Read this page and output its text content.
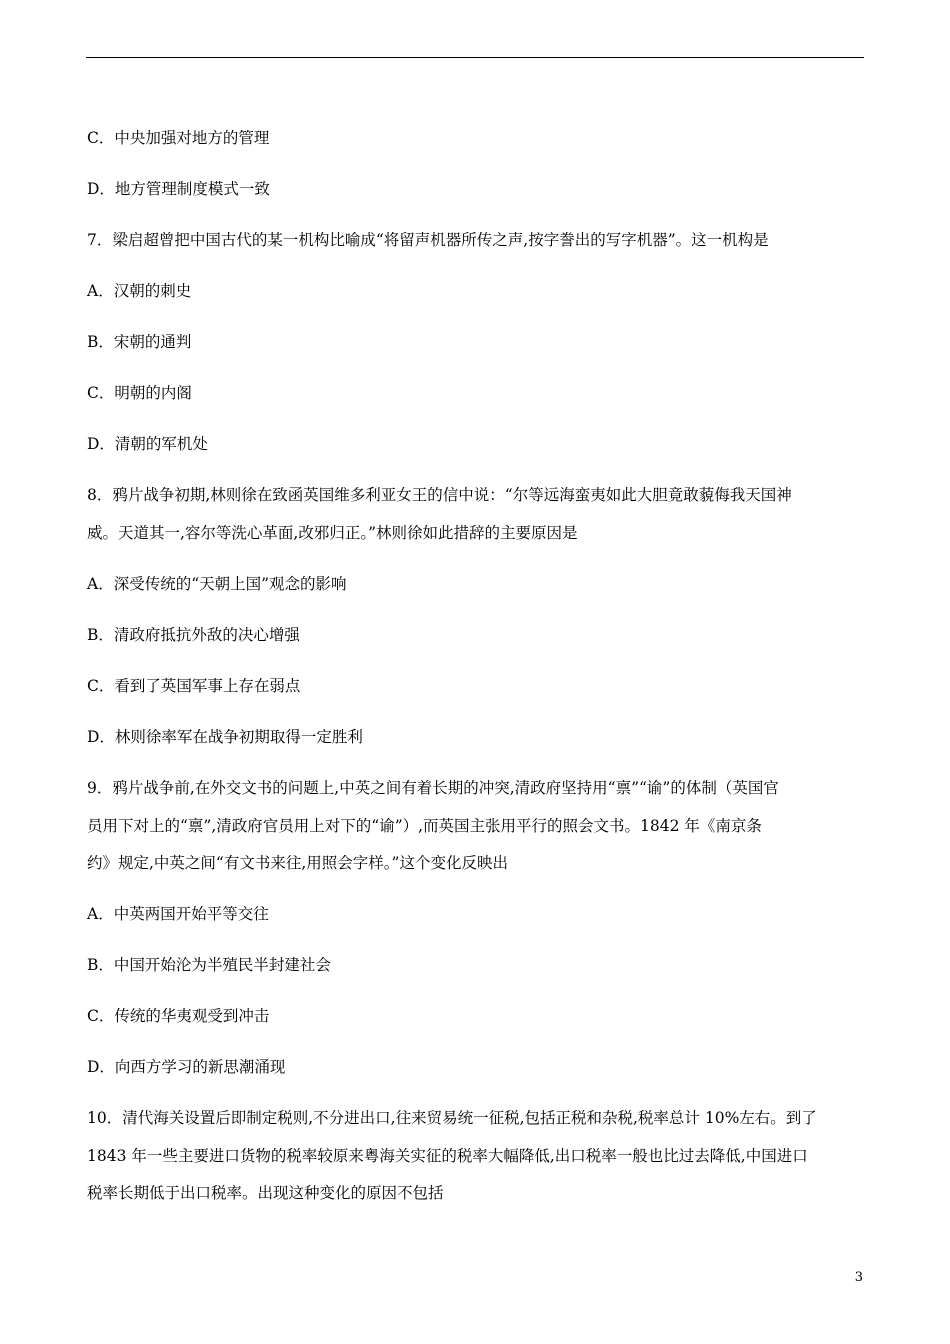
C．中央加强对地方的管理
D．地方管理制度模式一致
7．梁启超曾把中国古代的某一机构比喻成“将留声机器所传之声,按字誊出的写字机器”。这一机构是
A．汉朝的刺史
B．宋朝的通判
C．明朝的内阁
D．清朝的军机处
8．鸦片战争初期,林则徐在致函英国维多利亚女王的信中说：“尔等远海蛮夷如此大胆竟敢藐侮我天国神
威。天道其一,容尔等洗心革面,改邪归正。”林则徐如此措辞的主要原因是
A．深受传统的“天朝上国”观念的影响
B．清政府抵抗外敌的决心增强
C．看到了英国军事上存在弱点
D．林则徐率军在战争初期取得一定胜利
9．鸦片战争前,在外交文书的问题上,中英之间有着长期的冲突,清政府坚持用“禀”“谕”的体制（英国官
员用下对上的“禀”,清政府官员用上对下的“谕”）,而英国主张用平行的照会文书。1842 年《南京条
约》规定,中英之间“有文书来往,用照会字样。”这个变化反映出
A．中英两国开始平等交往
B．中国开始沦为半殖民半封建社会
C．传统的华夷观受到冲击
D．向西方学习的新思潮涌现
10．清代海关设置后即制定税则,不分进出口,往来贸易统一征税,包括正税和杂税,税率总计 10%左右。到了
1843 年一些主要进口货物的税率较原来粤海关实征的税率大幅降低,出口税率一般也比过去降低,中国进口
税率长期低于出口税率。出现这种变化的原因不包括
3
